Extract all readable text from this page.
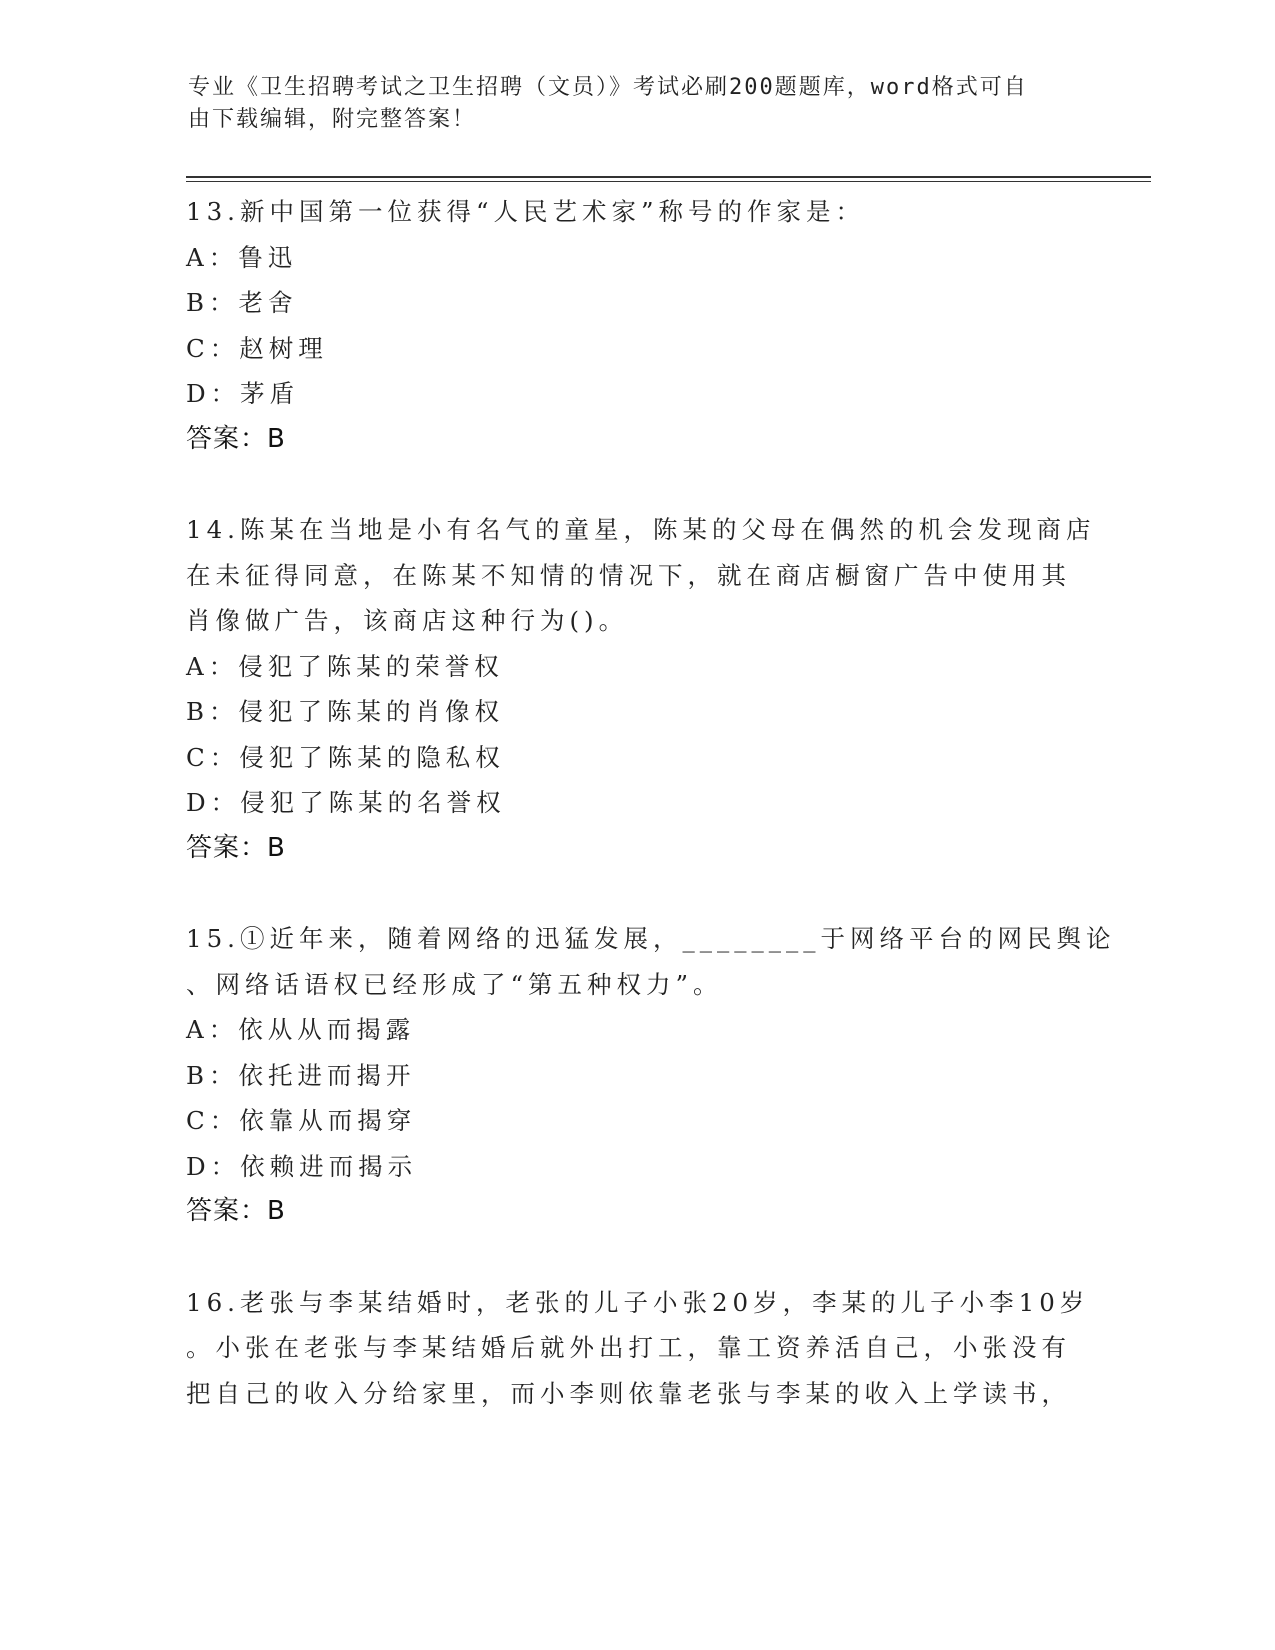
专业《卫生招聘考试之卫生招聘（文员）》考试必刷200题题库，word格式可自
由下载编辑，附完整答案！
13.新中国第一位获得“人民艺术家”称号的作家是：
A：鲁迅
B：老舍
C：赵树理
D：茅盾
答案：B
14.陈某在当地是小有名气的童星，陈某的父母在偶然的机会发现商店
在未征得同意，在陈某不知情的情况下，就在商店橱窗广告中使用其
肖像做广告，该商店这种行为()。
A：侵犯了陈某的荣誉权
B：侵犯了陈某的肖像权
C：侵犯了陈某的隐私权
D：侵犯了陈某的名誉权
答案：B
15.①近年来，随着网络的迅猛发展，________于网络平台的网民舆论
、网络话语权已经形成了“第五种权力”。
A：依从从而揭露
B：依托进而揭开
C：依靠从而揭穿
D：依赖进而揭示
答案：B
16.老张与李某结婚时，老张的儿子小张20岁，李某的儿子小李10岁
。小张在老张与李某结婚后就外出打工，靠工资养活自己，小张没有
把自己的收入分给家里，而小李则依靠老张与李某的收入上学读书，
